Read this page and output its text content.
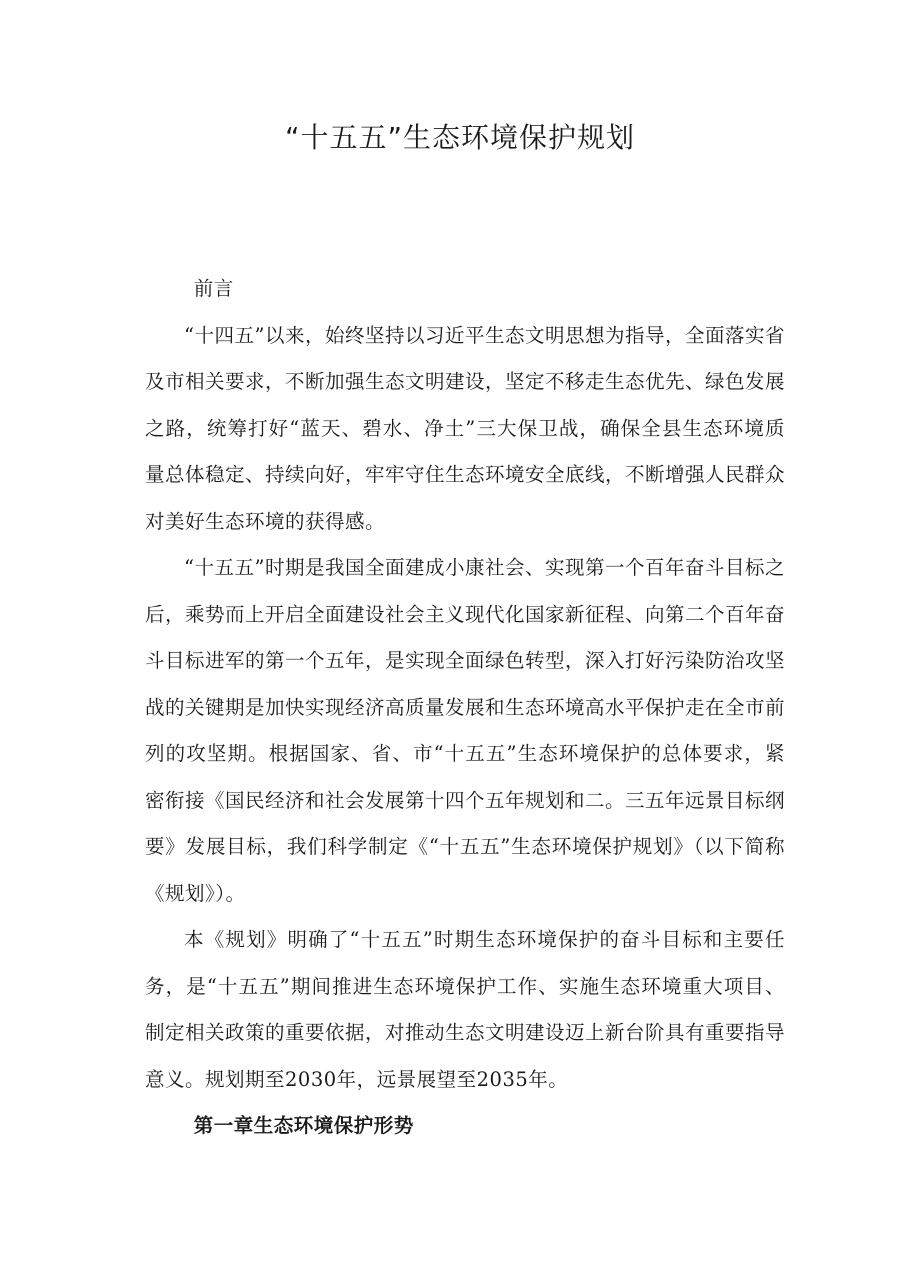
“十五五”生态环境保护规划

前言

“十四五”以来，始终坚持以习近平生态文明思想为指导，全面落实省及市相关要求，不断加强生态文明建设，坚定不移走生态优先、绿色发展之路，统筹打好“蓝天、碧水、净土”三大保卫战，确保全县生态环境质量总体稳定、持续向好，牢牢守住生态环境安全底线，不断增强人民群众对美好生态环境的获得感。

“十五五”时期是我国全面建成小康社会、实现第一个百年奋斗目标之后，乘势而上开启全面建设社会主义现代化国家新征程、向第二个百年奋斗目标进军的第一个五年，是实现全面绿色转型，深入打好污染防治攻坚战的关键期是加快实现经济高质量发展和生态环境高水平保护走在全市前列的攻坚期。根据国家、省、市“十五五”生态环境保护的总体要求，紧密衔接《国民经济和社会发展第十四个五年规划和二。三五年远景目标纲要》发展目标，我们科学制定《“十五五”生态环境保护规划》（以下简称《规划》）。

本《规划》明确了“十五五”时期生态环境保护的奋斗目标和主要任务，是“十五五”期间推进生态环境保护工作、实施生态环境重大项目、制定相关政策的重要依据，对推动生态文明建设迈上新台阶具有重要指导意义。规划期至2030年，远景展望至2035年。

第一章生态环境保护形势
